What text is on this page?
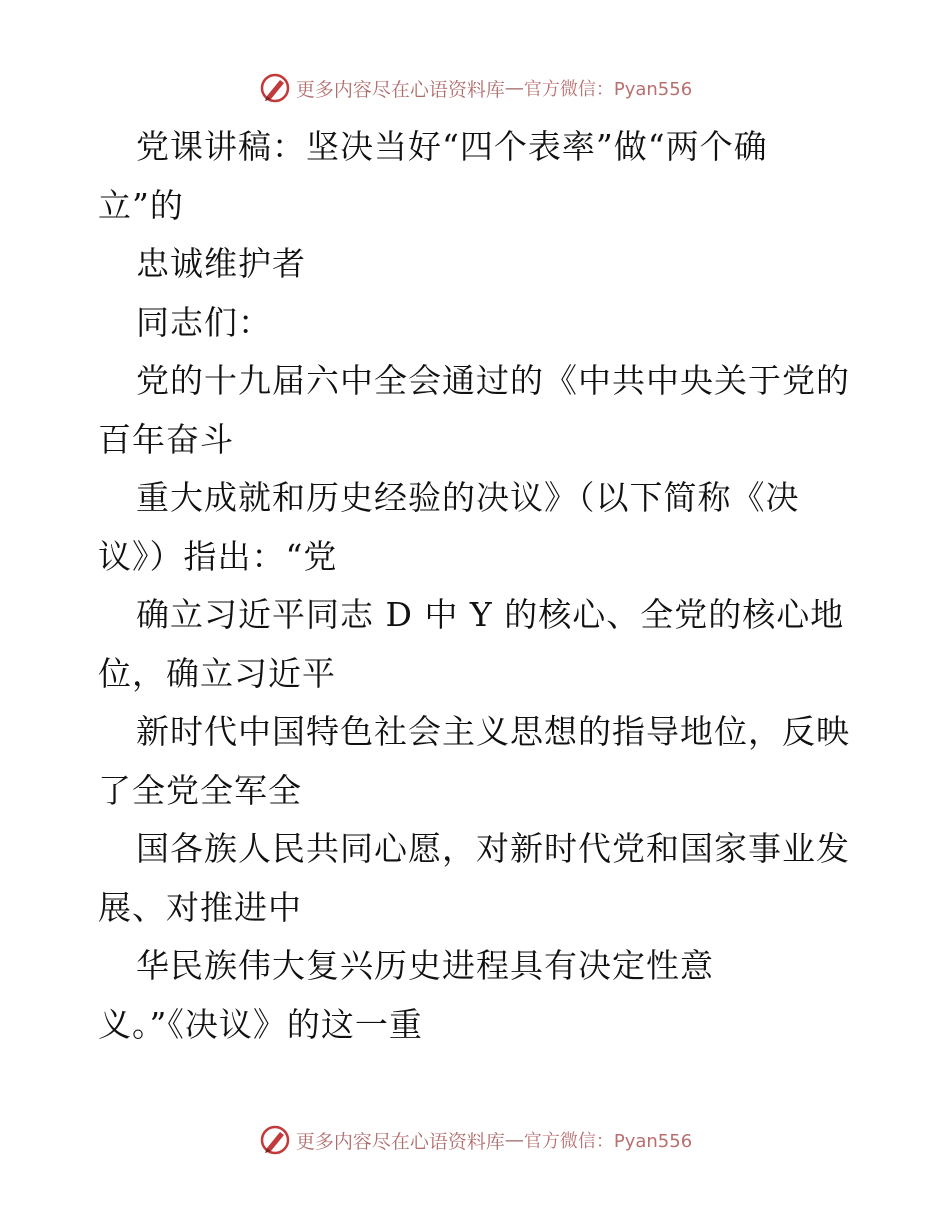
更多内容尽在心语资料库 — 官方微信：Pyan556
党课讲稿：坚决当好“四个表率”做“两个确
立”的
忠诚维护者
同志们：
党的十九届六中全会通过的《中共中央关于党的
百年奋斗
重大成就和历史经验的决议》（以下简称《决
议》）指出：“党
确立习近平同志 D 中 Y 的核心、全党的核心地
位，确立习近平
新时代中国特色社会主义思想的指导地位，反映
了全党全军全
国各族人民共同心愿，对新时代党和国家事业发
展、对推进中
华民族伟大复兴历史进程具有决定性意
义。”《决议》的这一重
更多内容尽在心语资料库 — 官方微信：Pyan556
